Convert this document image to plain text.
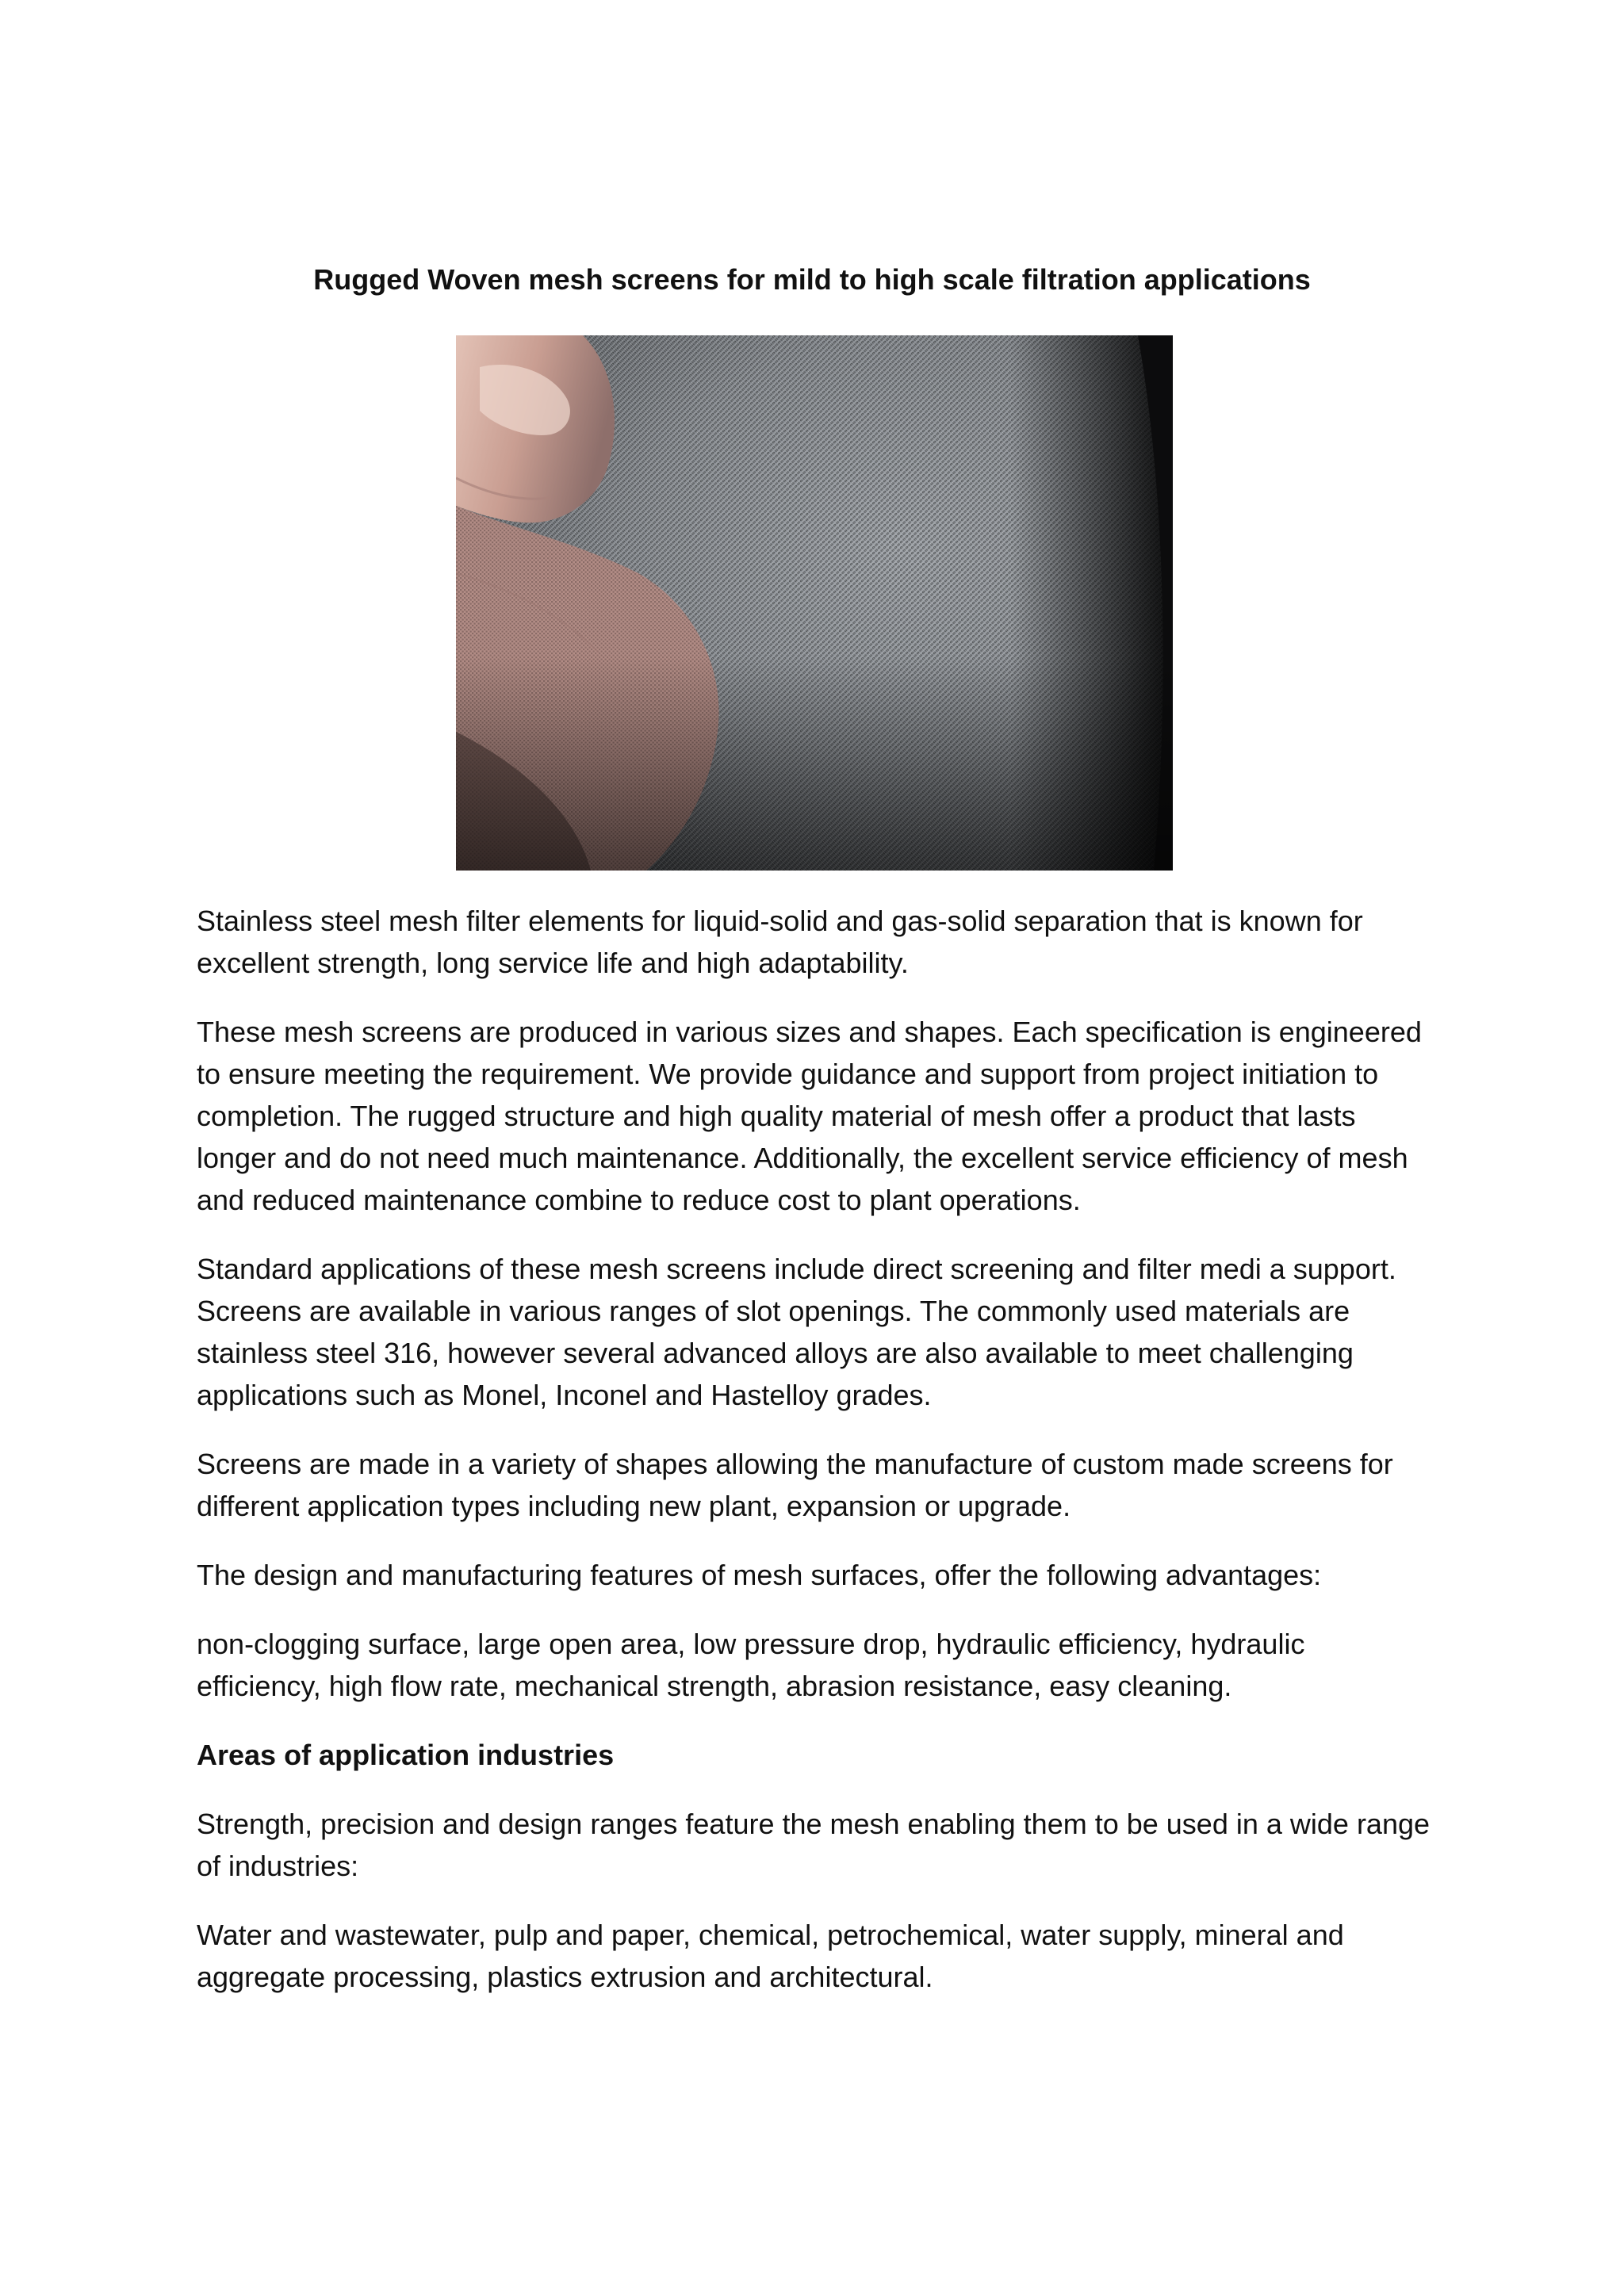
Rugged Woven mesh screens for mild to high scale filtration applications

Stainless steel mesh filter elements for liquid-solid and gas-solid separation that is known for excellent strength, long service life and high adaptability.

These mesh screens are produced in various sizes and shapes. Each specification is engineered to ensure meeting the requirement. We provide guidance and support from project initiation to completion. The rugged structure and high quality material of mesh offer a product that lasts longer and do not need much maintenance. Additionally, the excellent service efficiency of mesh and reduced maintenance combine to reduce cost to plant operations.

Standard applications of these mesh screens include direct screening and filter medi a support. Screens are available in various ranges of slot openings. The commonly used materials are stainless steel 316, however several advanced alloys are also available to meet challenging applications such as Monel, Inconel and Hastelloy grades.

Screens are made in a variety of shapes allowing the manufacture of custom made screens for different application types including new plant, expansion or upgrade.

The design and manufacturing features of mesh surfaces, offer the following advantages:

non-clogging surface, large open area, low pressure drop, hydraulic efficiency, hydraulic efficiency, high flow rate, mechanical strength, abrasion resistance, easy cleaning.

Areas of application industries

Strength, precision and design ranges feature the mesh enabling them to be used in a wide range of industries:

Water and wastewater, pulp and paper, chemical, petrochemical, water supply, mineral and aggregate processing, plastics extrusion and architectural.
